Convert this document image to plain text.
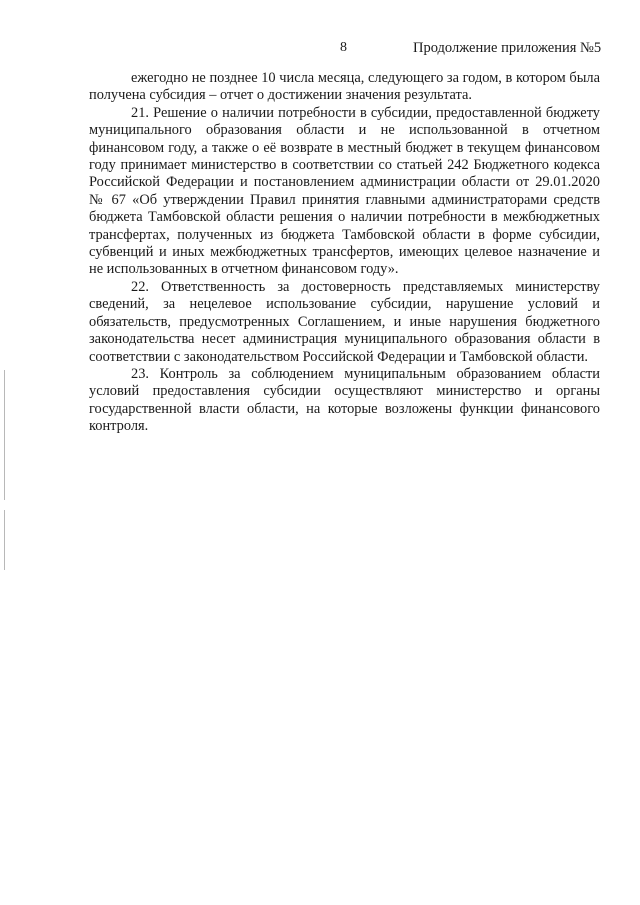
8	Продолжение приложения №5

ежегодно не позднее 10 числа месяца, следующего за годом, в котором была получена субсидия – отчет о достижении значения результата.

21. Решение о наличии потребности в субсидии, предоставленной бюджету муниципального образования области и не использованной в отчетном финансовом году, а также о её возврате в местный бюджет в текущем финансовом году принимает министерство в соответствии со статьей 242 Бюджетного кодекса Российской Федерации и постановлением администрации области от 29.01.2020 № 67 «Об утверждении Правил принятия главными администраторами средств бюджета Тамбовской области решения о наличии потребности в межбюджетных трансфертах, полученных из бюджета Тамбовской области в форме субсидии, субвенций и иных межбюджетных трансфертов, имеющих целевое назначение и не использованных в отчетном финансовом году».

22. Ответственность за достоверность представляемых министерству сведений, за нецелевое использование субсидии, нарушение условий и обязательств, предусмотренных Соглашением, и иные нарушения бюджетного законодательства несет администрация муниципального образования области в соответствии с законодательством Российской Федерации и Тамбовской области.

23. Контроль за соблюдением муниципальным образованием области условий предоставления субсидии осуществляют министерство и органы государственной власти области, на которые возложены функции финансового контроля.
